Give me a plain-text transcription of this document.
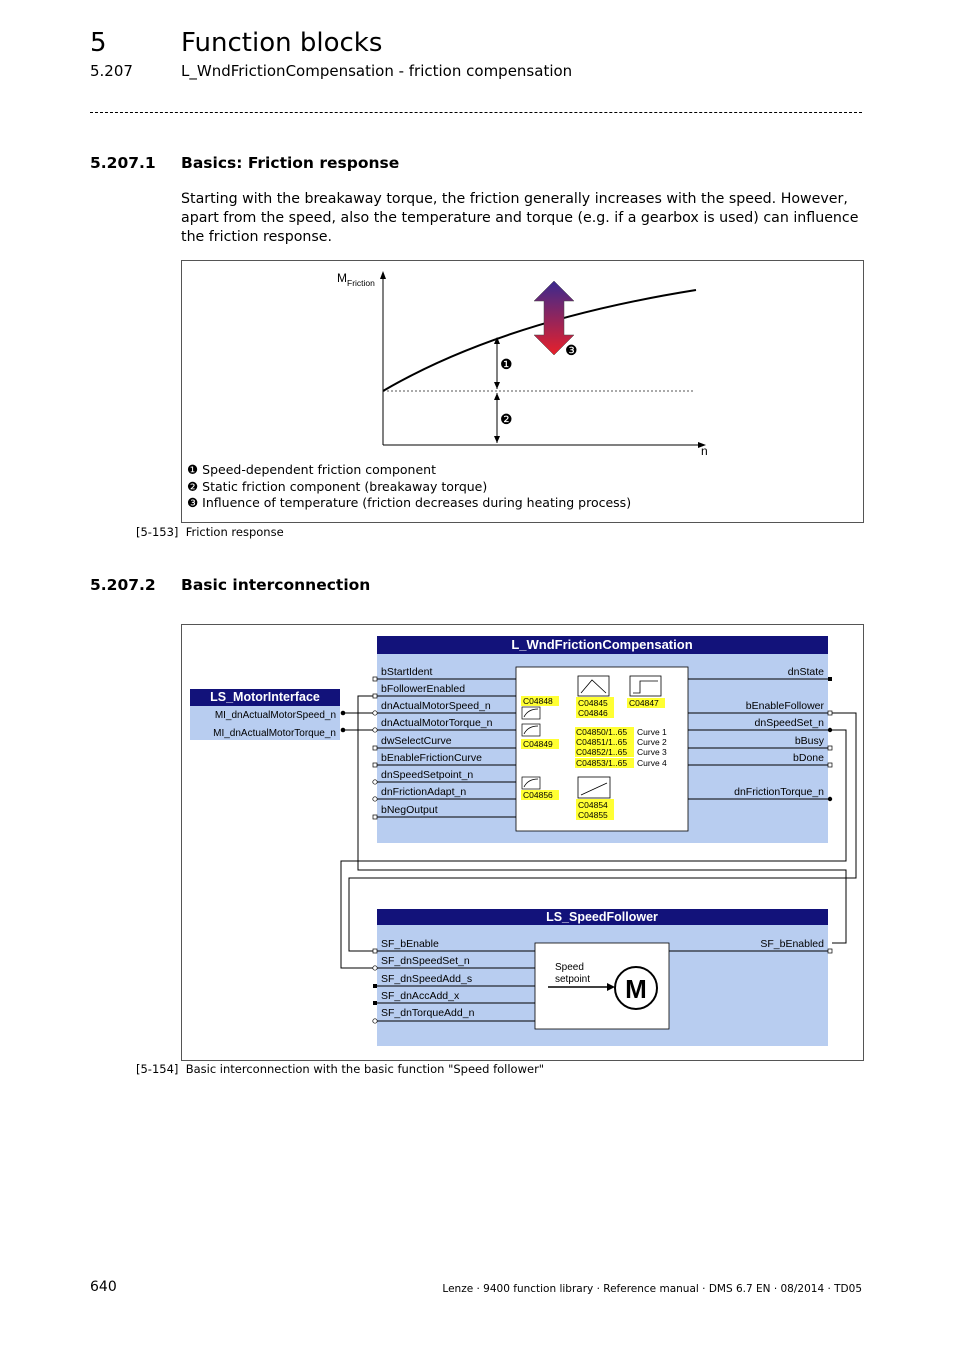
5	Function blocks
5.207	L_WndFrictionCompensation - friction compensation
5.207.1 Basics: Friction response
Starting with the breakaway torque, the friction generally increases with the speed. However, apart from the speed, also the temperature and torque (e.g. if a gearbox is used) can influence the friction response.
M Friction
n
❶
❷
❸
❶ Speed-dependent friction component
❷ Static friction component (breakaway torque)
❸ Influence of temperature (friction decreases during heating process)
[5-153] Friction response
5.207.2 Basic interconnection
L_WndFrictionCompensation
bStartIdent
bFollowerEnabled
dnActualMotorSpeed_n
dnActualMotorTorque_n
dwSelectCurve
bEnableFrictionCurve
dnSpeedSetpoint_n
dnFrictionAdapt_n
bNegOutput
dnState
bEnableFollower
dnSpeedSet_n
bBusy
bDone
dnFrictionTorque_n
C04848
C04849
C04856
C04845
C04846
C04847
C04850/1..65 Curve 1
C04851/1..65 Curve 2
C04852/1..65 Curve 3
C04853/1..65 Curve 4
C04854
C04855
LS_MotorInterface
MI_dnActualMotorSpeed_n
MI_dnActualMotorTorque_n
LS_SpeedFollower
SF_bEnable
SF_dnSpeedSet_n
SF_dnSpeedAdd_s
SF_dnAccAdd_x
SF_dnTorqueAdd_n
SF_bEnabled
Speed
setpoint M
[5-154] Basic interconnection with the basic function "Speed follower"
640	Lenze · 9400 function library · Reference manual · DMS 6.7 EN · 08/2014 · TD05
